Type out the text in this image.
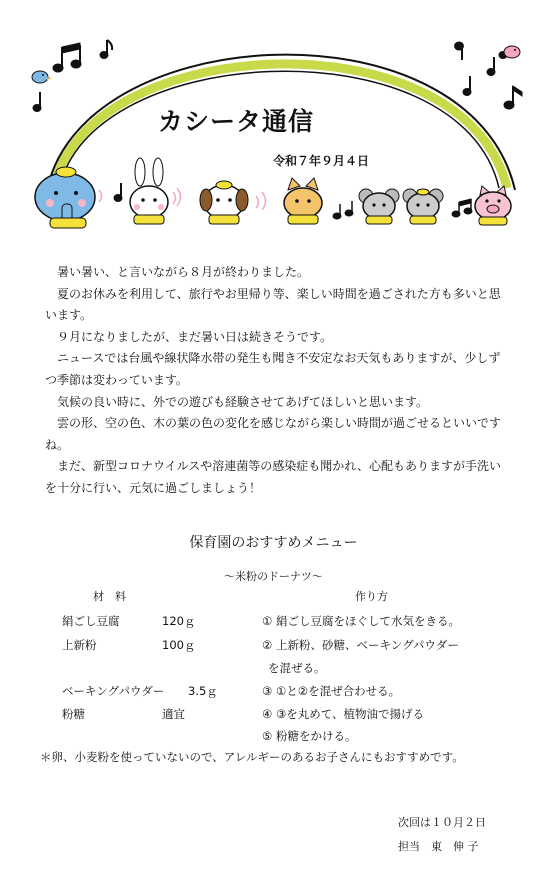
カシータ通信
令和７年９月４日

暑い暑い、と言いながら８月が終わりました。

夏のお休みを利用して、旅行やお里帰り等、楽しい時間を過ごされた方も多いと思います。

９月になりましたが、まだ暑い日は続きそうです。

ニュースでは台風や線状降水帯の発生も聞き不安定なお天気もありますが、少しずつ季節は変わっています。

気候の良い時に、外での遊びも経験させてあげてほしいと思います。

雲の形、空の色、木の葉の色の変化を感じながら楽しい時間が過ごせるといいですね。

まだ、新型コロナウイルスや溶連菌等の感染症も聞かれ、心配もありますが手洗いを十分に行い、元気に過ごしましょう！

保育園のおすすめメニュー
～米粉のドーナツ～
材　料	作り方
絹ごし豆腐	120ｇ
上新粉	100ｇ
ベーキングパウダー 3.5ｇ
粉糖	適宜
① 絹ごし豆腐をほぐして水気をきる。
② 上新粉、砂糖、ベーキングパウダー
を混ぜる。
③ ①と②を混ぜ合わせる。
④ ③を丸めて、植物油で揚げる
⑤ 粉糖をかける。
＊卵、小麦粉を使っていないので、アレルギーのあるお子さんにもおすすめです。
次回は１０月２日
担当　東　伸 子
